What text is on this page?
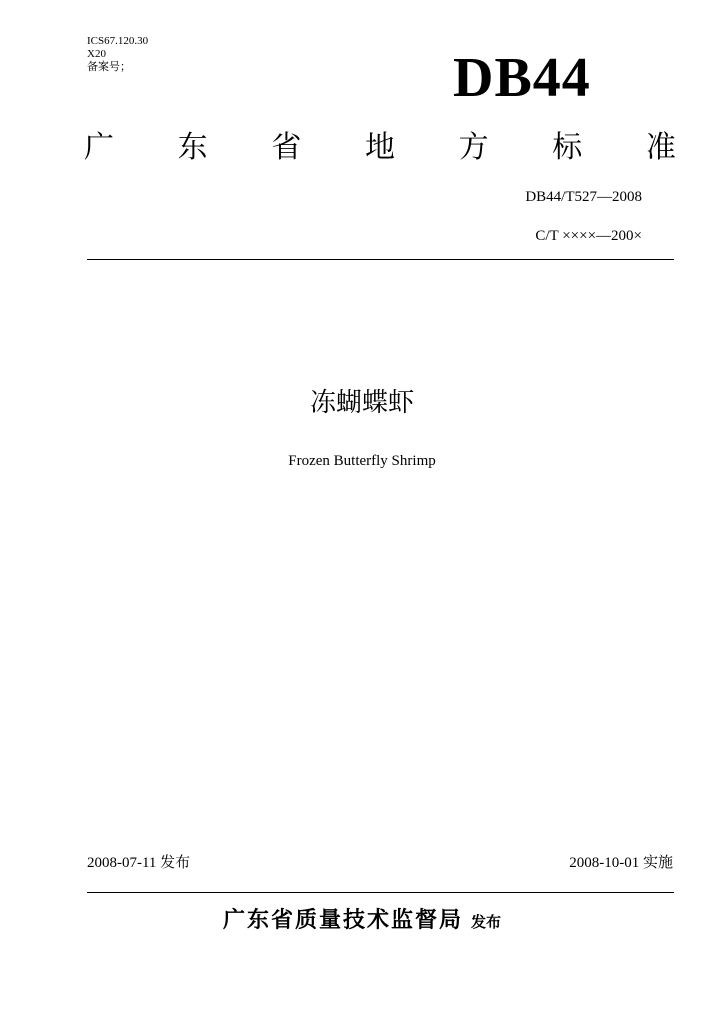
ICS67.120.30
X20
备案号；	DB44
广 东 省 地 方 标 准
DB44/T527—2008
C/T ××××—200×
冻蝴蝶虾
Frozen Butterfly Shrimp
2008-07-11 发布	2008-10-01 实施
广东省质量技术监督局 发布
